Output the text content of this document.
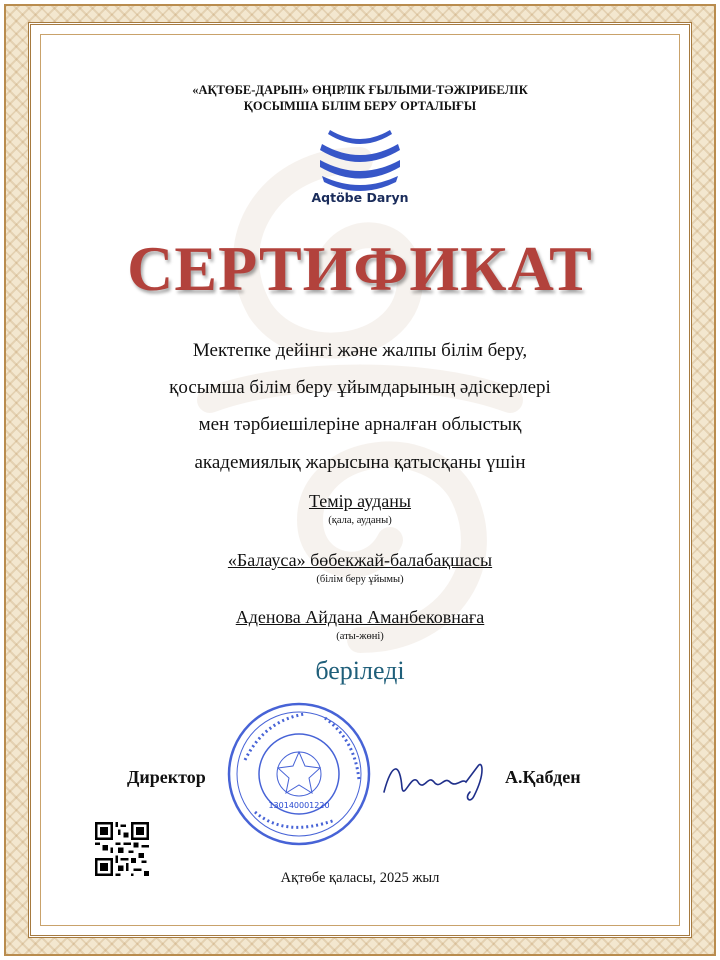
«АҚТӨБЕ-ДАРЫН» ӨҢІРЛІК ҒЫЛЫМИ-ТӘЖІРИБЕЛІК
ҚОСЫМША БІЛІМ БЕРУ ОРТАЛЫҒЫ
Aqtöbe Daryn
СЕРТИФИКАТ
Мектепке дейінгі және жалпы білім беру,
қосымша білім беру ұйымдарының әдіскерлері
мен тәрбиешілеріне арналған облыстық
академиялық жарысына қатысқаны үшін
Темір ауданы
(қала, ауданы)
«Балауса» бөбекжай-балабақшасы
(білім беру ұйымы)
Аденова Айдана Аманбековнаға
(аты-жөні)
беріледі
130140001220
Директор	А.Қабден
Ақтөбе қаласы, 2025 жыл
